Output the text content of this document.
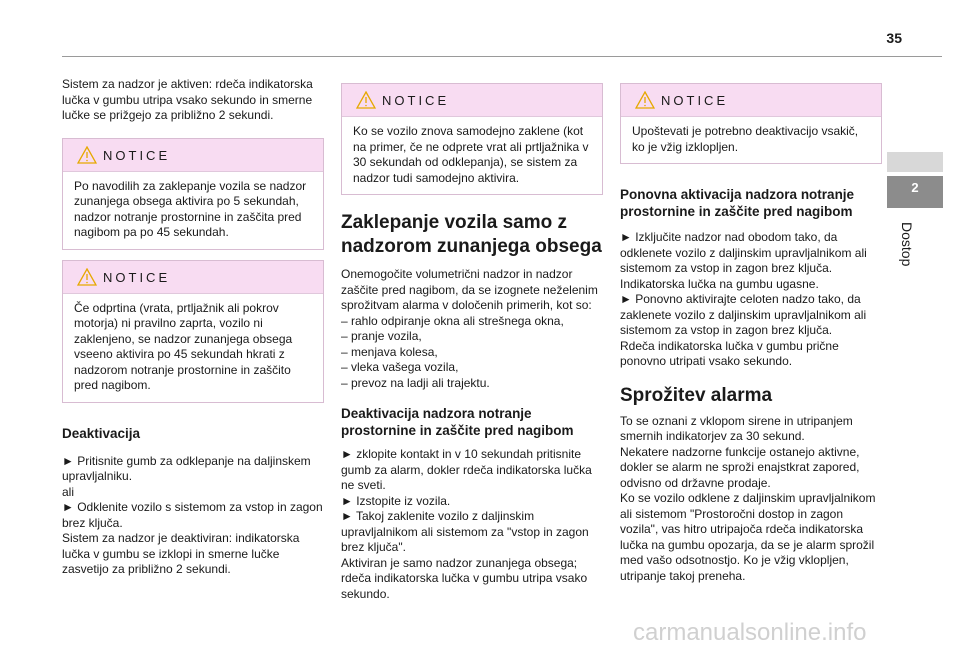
35
2
Dostop

Sistem za nadzor je aktiven: rdeča indikatorska lučka v gumbu utripa vsako sekundo in smerne lučke se prižgejo za približno 2 sekundi.

NOTICE

Po navodilih za zaklepanje vozila se nadzor zunanjega obsega aktivira po 5 sekundah, nadzor notranje prostornine in zaščita pred nagibom pa po 45 sekundah.

NOTICE

Če odprtina (vrata, prtljažnik ali pokrov motorja) ni pravilno zaprta, vozilo ni zaklenjeno, se nadzor zunanjega obsega vseeno aktivira po 45 sekundah hkrati z nadzorom notranje prostornine in zaščito pred nagibom.

Deaktivacija
► Pritisnite gumb za odklepanje na daljinskem upravljalniku.
ali
► Odklenite vozilo s sistemom za vstop in zagon brez ključa.
Sistem za nadzor je deaktiviran: indikatorska lučka v gumbu se izklopi in smerne lučke zasvetijo za približno 2 sekundi.
NOTICE

Ko se vozilo znova samodejno zaklene (kot na primer, če ne odprete vrat ali prtljažnika v 30 sekundah od odklepanja), se sistem za nadzor tudi samodejno aktivira.

Zaklepanje vozila samo z nadzorom zunanjega obsega

Onemogočite volumetrični nadzor in nadzor zaščite pred nagibom, da se izognete neželenim sprožitvam alarma v določenih primerih, kot so:

– rahlo odpiranje okna ali strešnega okna,
– pranje vozila,
– menjava kolesa,
– vleka vašega vozila,
– prevoz na ladji ali trajektu.
Deaktivacija nadzora notranje prostornine in zaščite pred nagibom
► zklopite kontakt in v 10 sekundah pritisnite gumb za alarm, dokler rdeča indikatorska lučka ne sveti.
► Izstopite iz vozila.
► Takoj zaklenite vozilo z daljinskim upravljalnikom ali sistemom za "vstop in zagon brez ključa".
Aktiviran je samo nadzor zunanjega obsega; rdeča indikatorska lučka v gumbu utripa vsako sekundo.
NOTICE

Upoštevati je potrebno deaktivacijo vsakič, ko je vžig izklopljen.

Ponovna aktivacija nadzora notranje prostornine in zaščite pred nagibom
► Izključite nadzor nad obodom tako, da odklenete vozilo z daljinskim upravljalnikom ali sistemom za vstop in zagon brez ključa.
Indikatorska lučka na gumbu ugasne.
► Ponovno aktivirajte celoten nadzo tako, da zaklenete vozilo z daljinskim upravljalnikom ali sistemom za vstop in zagon brez ključa.
Rdeča indikatorska lučka v gumbu prične ponovno utripati vsako sekundo.
Sprožitev alarma

To se oznani z vklopom sirene in utripanjem smernih indikatorjev za 30 sekund.
Nekatere nadzorne funkcije ostanejo aktivne, dokler se alarm ne sproži enajstkrat zapored, odvisno od državne prodaje.
Ko se vozilo odklene z daljinskim upravljalnikom ali sistemom "Prostoročni dostop in zagon vozila", vas hitro utripajoča rdeča indikatorska lučka na gumbu opozarja, da se je alarm sprožil med vašo odsotnostjo. Ko je vžig vklopljen, utripanje takoj preneha.

carmanualsonline.info
